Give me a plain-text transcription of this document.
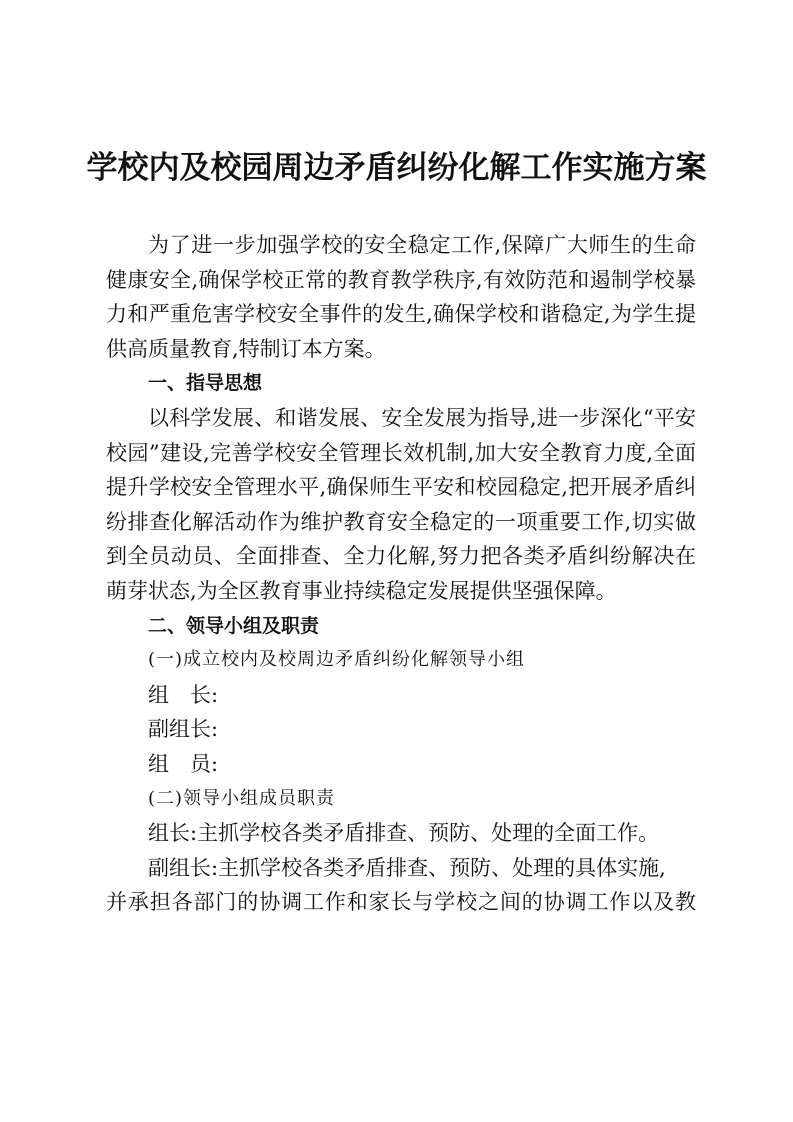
学校内及校园周边矛盾纠纷化解工作实施方案

为了进一步加强学校的安全稳定工作,保障广大师生的生命健康安全,确保学校正常的教育教学秩序,有效防范和遏制学校暴力和严重危害学校安全事件的发生,确保学校和谐稳定,为学生提供高质量教育,特制订本方案。

一、指导思想

以科学发展、和谐发展、安全发展为指导,进一步深化“平安校园”建设,完善学校安全管理长效机制,加大安全教育力度,全面提升学校安全管理水平,确保师生平安和校园稳定,把开展矛盾纠纷排查化解活动作为维护教育安全稳定的一项重要工作,切实做到全员动员、全面排查、全力化解,努力把各类矛盾纠纷解决在萌芽状态,为全区教育事业持续稳定发展提供坚强保障。

二、领导小组及职责

(一)成立校内及校周边矛盾纠纷化解领导小组

组　长:

副组长:

组　员:

(二)领导小组成员职责

组长:主抓学校各类矛盾排查、预防、处理的全面工作。

副组长:主抓学校各类矛盾排查、预防、处理的具体实施,

并承担各部门的协调工作和家长与学校之间的协调工作以及教
